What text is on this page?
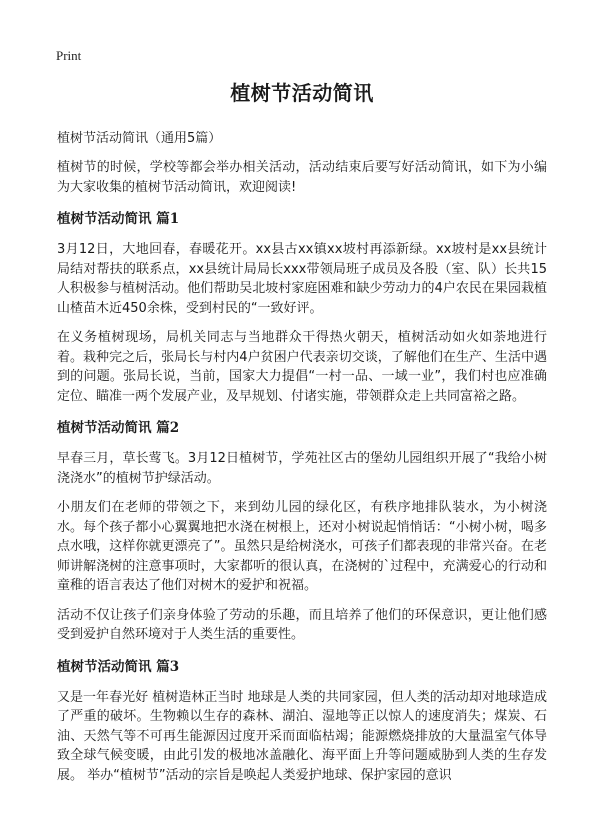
Print
植树节活动简讯
植树节活动简讯（通用5篇）

植树节的时候，学校等都会举办相关活动，活动结束后要写好活动简讯，如下为小编为大家收集的植树节活动简讯，欢迎阅读!

植树节活动简讯 篇1

3月12日，大地回春，春暖花开。xx县古xx镇xx坡村再添新绿。xx坡村是xx县统计局结对帮扶的联系点，xx县统计局局长xxx带领局班子成员及各股（室、队）长共15人积极参与植树活动。他们帮助吴北坡村家庭困难和缺少劳动力的4户农民在果园栽植山楂苗木近450余株，受到村民的“一致好评。

在义务植树现场，局机关同志与当地群众干得热火朝天，植树活动如火如荼地进行着。栽种完之后，张局长与村内4户贫困户代表亲切交谈，了解他们在生产、生活中遇到的问题。张局长说，当前，国家大力提倡“一村一品、一域一业”，我们村也应准确定位、瞄准一两个发展产业，及早规划、付诸实施，带领群众走上共同富裕之路。

植树节活动简讯 篇2

早春三月，草长莺飞。3月12日植树节，学苑社区古的堡幼儿园组织开展了“我给小树浇浇水”的植树节护绿活动。

小朋友们在老师的带领之下，来到幼儿园的绿化区，有秩序地排队装水，为小树浇水。每个孩子都小心翼翼地把水浇在树根上，还对小树说起悄悄话：“小树小树，喝多点水哦，这样你就更漂亮了”。虽然只是给树浇水，可孩子们都表现的非常兴奋。在老师讲解浇树的注意事项时，大家都听的很认真，在浇树的`过程中，充满爱心的行动和童稚的语言表达了他们对树木的爱护和祝福。

活动不仅让孩子们亲身体验了劳动的乐趣，而且培养了他们的环保意识，更让他们感受到爱护自然环境对于人类生活的重要性。

植树节活动简讯 篇3

又是一年春光好 植树造林正当时 地球是人类的共同家园，但人类的活动却对地球造成了严重的破坏。生物赖以生存的森林、湖泊、湿地等正以惊人的速度消失；煤炭、石油、天然气等不可再生能源因过度开采而面临枯竭；能源燃烧排放的大量温室气体导致全球气候变暖，由此引发的极地冰盖融化、海平面上升等问题威胁到人类的生存发展。 举办“植树节”活动的宗旨是唤起人类爱护地球、保护家园的意识
